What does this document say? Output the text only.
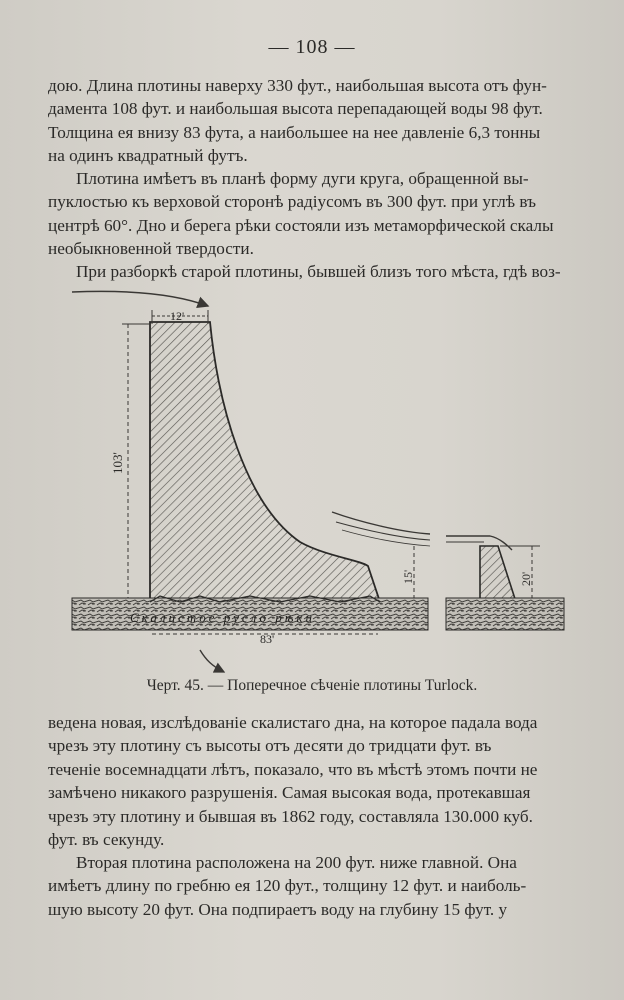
— 108 —
дою. Длина плотины наверху 330 фут., наибольшая высота отъ фун-
дамента 108 фут. и наибольшая высота перепадающей воды 98 фут.
Толщина ея внизу 83 фута, а наибольшее на нее давленіе 6,3 тонны
на одинъ квадратный футъ.
Плотина имѣетъ въ планѣ форму дуги круга, обращенной вы-
пуклостью къ верховой сторонѣ радіусомъ въ 300 фут. при углѣ въ
центрѣ 60°. Дно и берега рѣки состояли изъ метаморфической скалы
необыкновенной твердости.
При разборкѣ старой плотины, бывшей близъ того мѣста, гдѣ воз-
12'
103'
15'	20'
Скалистое русло рѣки
83'
Черт. 45. — Поперечное сѣченіе плотины Turlock.
ведена новая, изслѣдованіе скалистаго дна, на которое падала вода
чрезъ эту плотину съ высоты отъ десяти до тридцати фут. въ
теченіе восемнадцати лѣтъ, показало, что въ мѣстѣ этомъ почти не
замѣчено никакого разрушенія. Самая высокая вода, протекавшая
чрезъ эту плотину и бывшая въ 1862 году, составляла 130.000 куб.
фут. въ секунду.
Вторая плотина расположена на 200 фут. ниже главной. Она
имѣетъ длину по гребню ея 120 фут., толщину 12 фут. и наиболь-
шую высоту 20 фут. Она подпираетъ воду на глубину 15 фут. у
